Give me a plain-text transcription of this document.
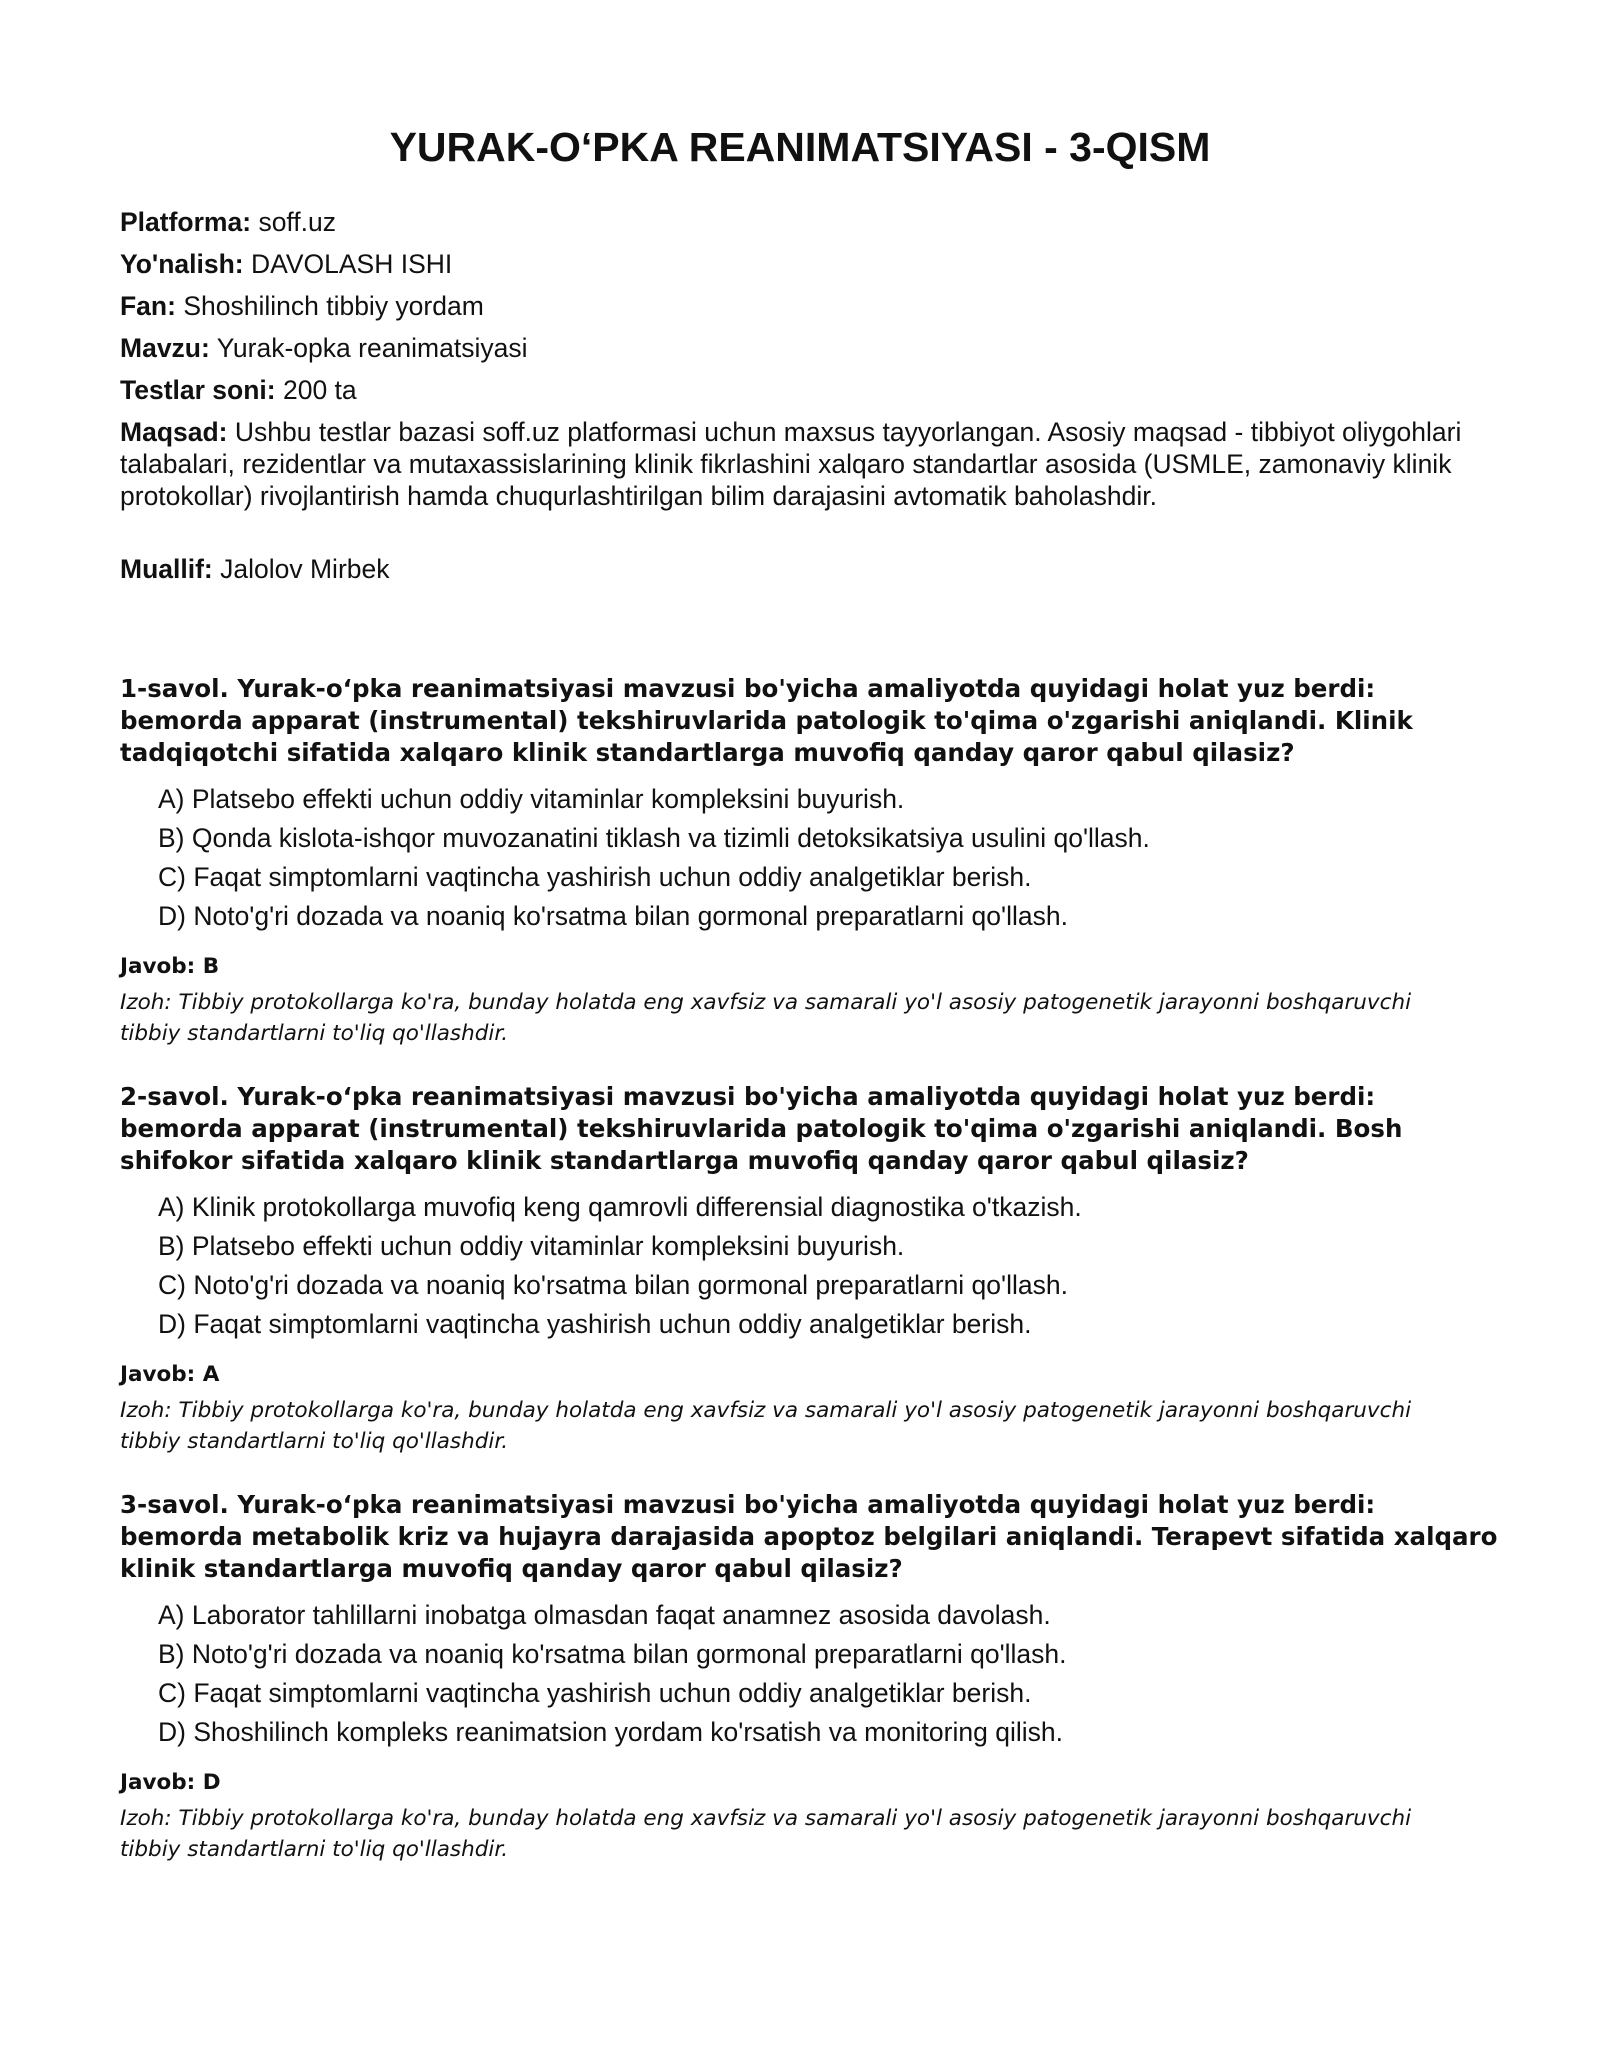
YURAK-O‘PKA REANIMATSIYASI - 3-QISM
Platforma: soff.uz
Yo'nalish: DAVOLASH ISHI
Fan: Shoshilinch tibbiy yordam
Mavzu: Yurak-opka reanimatsiyasi
Testlar soni: 200 ta
Maqsad: Ushbu testlar bazasi soff.uz platformasi uchun maxsus tayyorlangan. Asosiy maqsad - tibbiyot oliygohlari talabalari, rezidentlar va mutaxassislarining klinik fikrlashini xalqaro standartlar asosida (USMLE, zamonaviy klinik protokollar) rivojlantirish hamda chuqurlashtirilgan bilim darajasini avtomatik baholashdir.
Muallif: Jalolov Mirbek

1-savol. Yurak-o‘pka reanimatsiyasi mavzusi bo'yicha amaliyotda quyidagi holat yuz berdi: bemorda apparat (instrumental) tekshiruvlarida patologik to'qima o'zgarishi aniqlandi. Klinik tadqiqotchi sifatida xalqaro klinik standartlarga muvofiq qanday qaror qabul qilasiz?

A) Platsebo effekti uchun oddiy vitaminlar kompleksini buyurish.
B) Qonda kislota-ishqor muvozanatini tiklash va tizimli detoksikatsiya usulini qo'llash.
C) Faqat simptomlarni vaqtincha yashirish uchun oddiy analgetiklar berish.
D) Noto'g'ri dozada va noaniq ko'rsatma bilan gormonal preparatlarni qo'llash.
Javob: B
Izoh: Tibbiy protokollarga ko'ra, bunday holatda eng xavfsiz va samarali yo'l asosiy patogenetik jarayonni boshqaruvchi tibbiy standartlarni to'liq qo'llashdir.

2-savol. Yurak-o‘pka reanimatsiyasi mavzusi bo'yicha amaliyotda quyidagi holat yuz berdi: bemorda apparat (instrumental) tekshiruvlarida patologik to'qima o'zgarishi aniqlandi. Bosh shifokor sifatida xalqaro klinik standartlarga muvofiq qanday qaror qabul qilasiz?

A) Klinik protokollarga muvofiq keng qamrovli differensial diagnostika o'tkazish.
B) Platsebo effekti uchun oddiy vitaminlar kompleksini buyurish.
C) Noto'g'ri dozada va noaniq ko'rsatma bilan gormonal preparatlarni qo'llash.
D) Faqat simptomlarni vaqtincha yashirish uchun oddiy analgetiklar berish.
Javob: A
Izoh: Tibbiy protokollarga ko'ra, bunday holatda eng xavfsiz va samarali yo'l asosiy patogenetik jarayonni boshqaruvchi tibbiy standartlarni to'liq qo'llashdir.

3-savol. Yurak-o‘pka reanimatsiyasi mavzusi bo'yicha amaliyotda quyidagi holat yuz berdi: bemorda metabolik kriz va hujayra darajasida apoptoz belgilari aniqlandi. Terapevt sifatida xalqaro klinik standartlarga muvofiq qanday qaror qabul qilasiz?

A) Laborator tahlillarni inobatga olmasdan faqat anamnez asosida davolash.
B) Noto'g'ri dozada va noaniq ko'rsatma bilan gormonal preparatlarni qo'llash.
C) Faqat simptomlarni vaqtincha yashirish uchun oddiy analgetiklar berish.
D) Shoshilinch kompleks reanimatsion yordam ko'rsatish va monitoring qilish.
Javob: D
Izoh: Tibbiy protokollarga ko'ra, bunday holatda eng xavfsiz va samarali yo'l asosiy patogenetik jarayonni boshqaruvchi tibbiy standartlarni to'liq qo'llashdir.
